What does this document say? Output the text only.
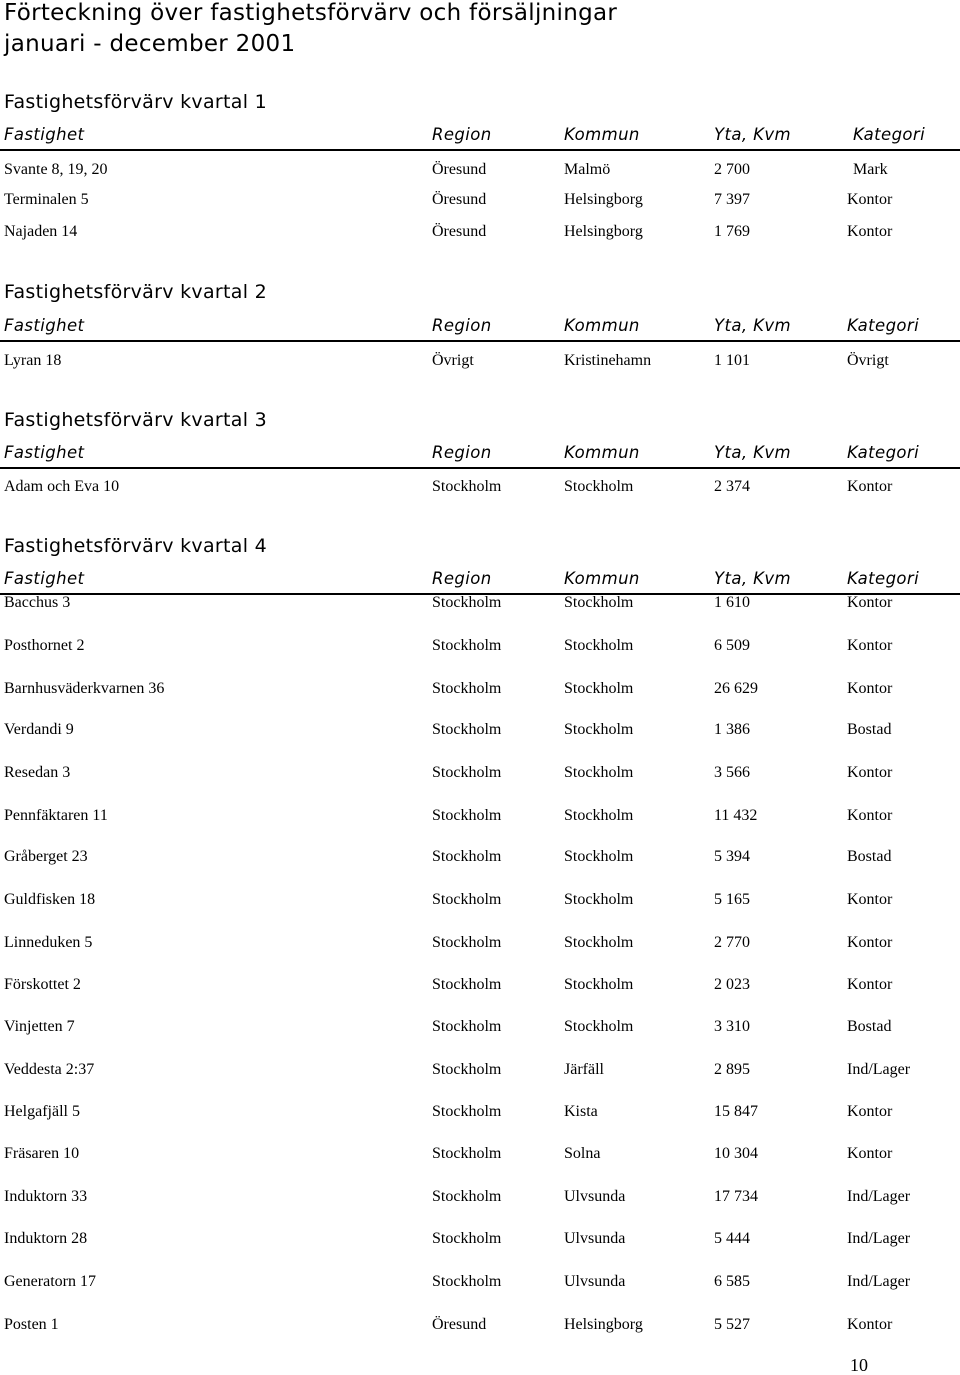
Förteckning över fastighetsförvärv och försäljningar
januari - december 2001
Fastighetsförvärv kvartal 1
Fastighet	Region	Kommun	Yta, Kvm	Kategori
Svante 8, 19, 20	Öresund	Malmö	2 700	Mark
Terminalen 5	Öresund	Helsingborg	7 397	Kontor
Najaden 14	Öresund	Helsingborg	1 769	Kontor
Fastighetsförvärv kvartal 2
Fastighet	Region	Kommun	Yta, Kvm	Kategori
Lyran 18	Övrigt	Kristinehamn	1 101	Övrigt
Fastighetsförvärv kvartal 3
Fastighet	Region	Kommun	Yta, Kvm	Kategori
Adam och Eva 10	Stockholm	Stockholm	2 374	Kontor
Fastighetsförvärv kvartal 4
Fastighet	Region	Kommun	Yta, Kvm	Kategori
Bacchus 3	Stockholm	Stockholm	1 610	Kontor
Posthornet 2	Stockholm	Stockholm	6 509	Kontor
Barnhusväderkvarnen 36	Stockholm	Stockholm	26 629	Kontor
Verdandi 9	Stockholm	Stockholm	1 386	Bostad
Resedan 3	Stockholm	Stockholm	3 566	Kontor
Pennfäktaren 11	Stockholm	Stockholm	11 432	Kontor
Gråberget 23	Stockholm	Stockholm	5 394	Bostad
Guldfisken 18	Stockholm	Stockholm	5 165	Kontor
Linneduken 5	Stockholm	Stockholm	2 770	Kontor
Förskottet 2	Stockholm	Stockholm	2 023	Kontor
Vinjetten 7	Stockholm	Stockholm	3 310	Bostad
Veddesta 2:37	Stockholm	Järfäll	2 895	Ind/Lager
Helgafjäll 5	Stockholm	Kista	15 847	Kontor
Fräsaren 10	Stockholm	Solna	10 304	Kontor
Induktorn 33	Stockholm	Ulvsunda	17 734	Ind/Lager
Induktorn 28	Stockholm	Ulvsunda	5 444	Ind/Lager
Generatorn 17	Stockholm	Ulvsunda	6 585	Ind/Lager
Posten 1	Öresund	Helsingborg	5 527	Kontor
10
